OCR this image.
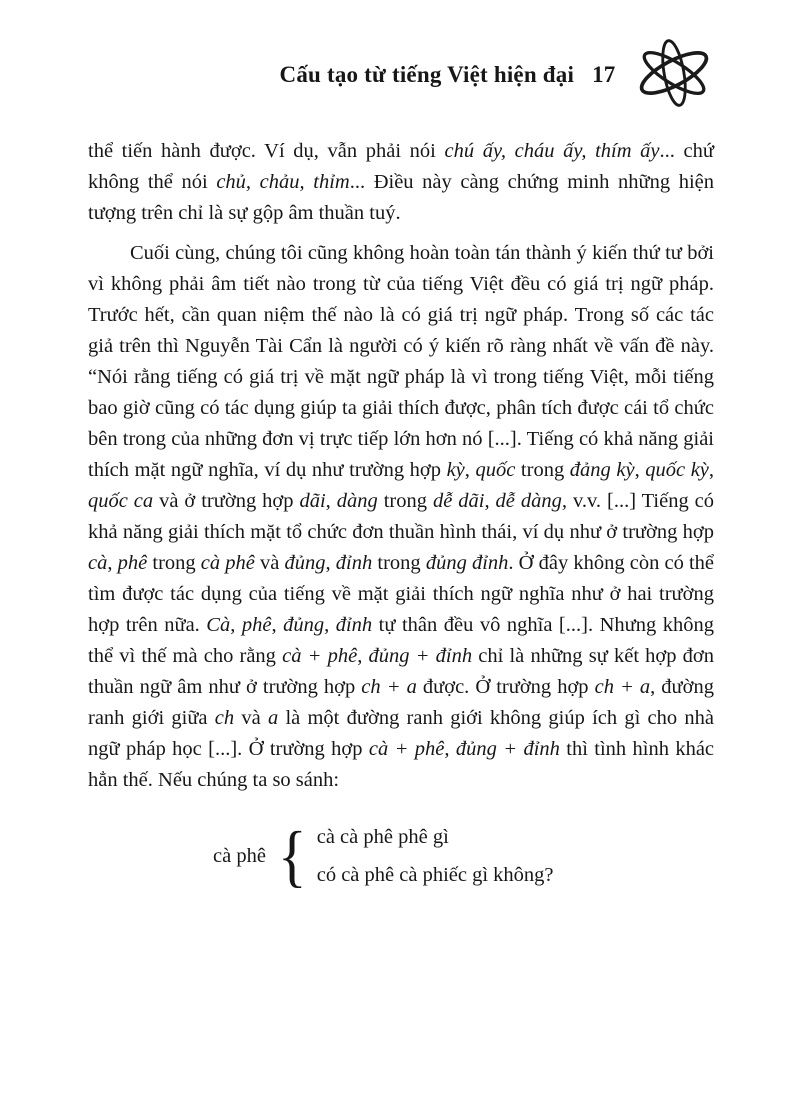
Cấu tạo từ tiếng Việt hiện đại 17

thể tiến hành được. Ví dụ, vẫn phải nói chú ấy, cháu ấy, thím ấy... chứ không thể nói chủ, chảu, thỉm... Điều này càng chứng minh những hiện tượng trên chỉ là sự gộp âm thuần tuý.

Cuối cùng, chúng tôi cũng không hoàn toàn tán thành ý kiến thứ tư bởi vì không phải âm tiết nào trong từ của tiếng Việt đều có giá trị ngữ pháp. Trước hết, cần quan niệm thế nào là có giá trị ngữ pháp. Trong số các tác giả trên thì Nguyễn Tài Cẩn là người có ý kiến rõ ràng nhất về vấn đề này. “Nói rằng tiếng có giá trị về mặt ngữ pháp là vì trong tiếng Việt, mỗi tiếng bao giờ cũng có tác dụng giúp ta giải thích được, phân tích được cái tổ chức bên trong của những đơn vị trực tiếp lớn hơn nó [...]. Tiếng có khả năng giải thích mặt ngữ nghĩa, ví dụ như trường hợp kỳ, quốc trong đảng kỳ, quốc kỳ, quốc ca và ở trường hợp dãi, dàng trong dễ dãi, dễ dàng, v.v. [...] Tiếng có khả năng giải thích mặt tổ chức đơn thuần hình thái, ví dụ như ở trường hợp cà, phê trong cà phê và đủng, đỉnh trong đủng đỉnh. Ở đây không còn có thể tìm được tác dụng của tiếng về mặt giải thích ngữ nghĩa như ở hai trường hợp trên nữa. Cà, phê, đủng, đỉnh tự thân đều vô nghĩa [...]. Nhưng không thể vì thế mà cho rằng cà + phê, đủng + đỉnh chỉ là những sự kết hợp đơn thuần ngữ âm như ở trường hợp ch + a được. Ở trường hợp ch + a, đường ranh giới giữa ch và a là một đường ranh giới không giúp ích gì cho nhà ngữ pháp học [...]. Ở trường hợp cà + phê, đủng + đỉnh thì tình hình khác hẳn thế. Nếu chúng ta so sánh:

cà phê { cà cà phê phê gì
có cà phê cà phiếc gì không?
